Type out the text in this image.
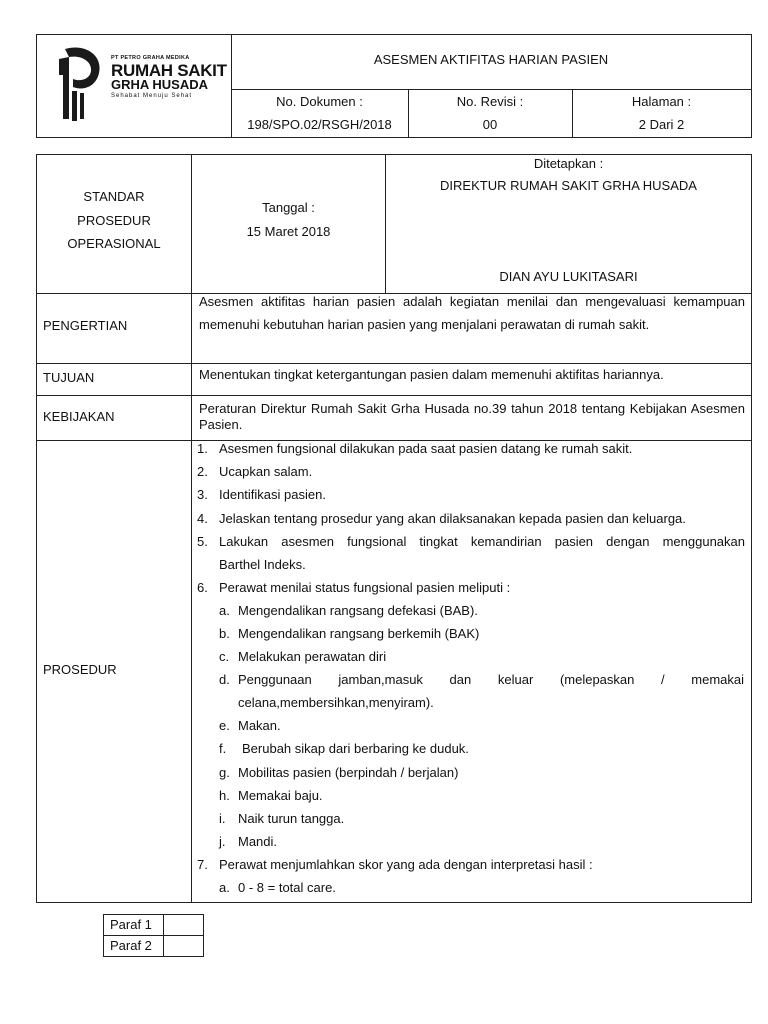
PT PETRO GRAHA MEDIKA
RUMAH SAKIT
GRHA HUSADA
Sehabat Menuju Sehat
ASESMEN AKTIFITAS HARIAN PASIEN
No. Dokumen :
198/SPO.02/RSGH/2018
No. Revisi :
00
Halaman :
2 Dari 2
STANDAR
PROSEDUR
OPERASIONAL
Tanggal :
15 Maret 2018
Ditetapkan :
DIREKTUR RUMAH SAKIT GRHA HUSADA
DIAN AYU LUKITASARI
PENGERTIAN
Asesmen aktifitas harian pasien adalah kegiatan menilai dan mengevaluasi kemampuan memenuhi kebutuhan harian pasien yang menjalani perawatan di rumah sakit.
TUJUAN	Menentukan tingkat ketergantungan pasien dalam memenuhi aktifitas hariannya.
KEBIJAKAN
Peraturan Direktur Rumah Sakit Grha Husada no.39 tahun 2018 tentang Kebijakan Asesmen Pasien.
PROSEDUR
1. Asesmen fungsional dilakukan pada saat pasien datang ke rumah sakit.
2. Ucapkan salam.
3. Identifikasi pasien.
4. Jelaskan tentang prosedur yang akan dilaksanakan kepada pasien dan keluarga.
5. Lakukan asesmen fungsional tingkat kemandirian pasien dengan menggunakan
Barthel Indeks.
6. Perawat menilai status fungsional pasien meliputi :
a. Mengendalikan rangsang defekasi (BAB).
b. Mengendalikan rangsang berkemih (BAK)
c. Melakukan perawatan diri
d. Penggunaan jamban,masuk dan keluar (melepaskan / memakai
celana,membersihkan,menyiram).
e. Makan.
f. Berubah sikap dari berbaring ke duduk.
g. Mobilitas pasien (berpindah / berjalan)
h. Memakai baju.
i. Naik turun tangga.
j. Mandi.
7. Perawat menjumlahkan skor yang ada dengan interpretasi hasil :
a. 0 - 8 = total care.
Paraf 1
Paraf 2
